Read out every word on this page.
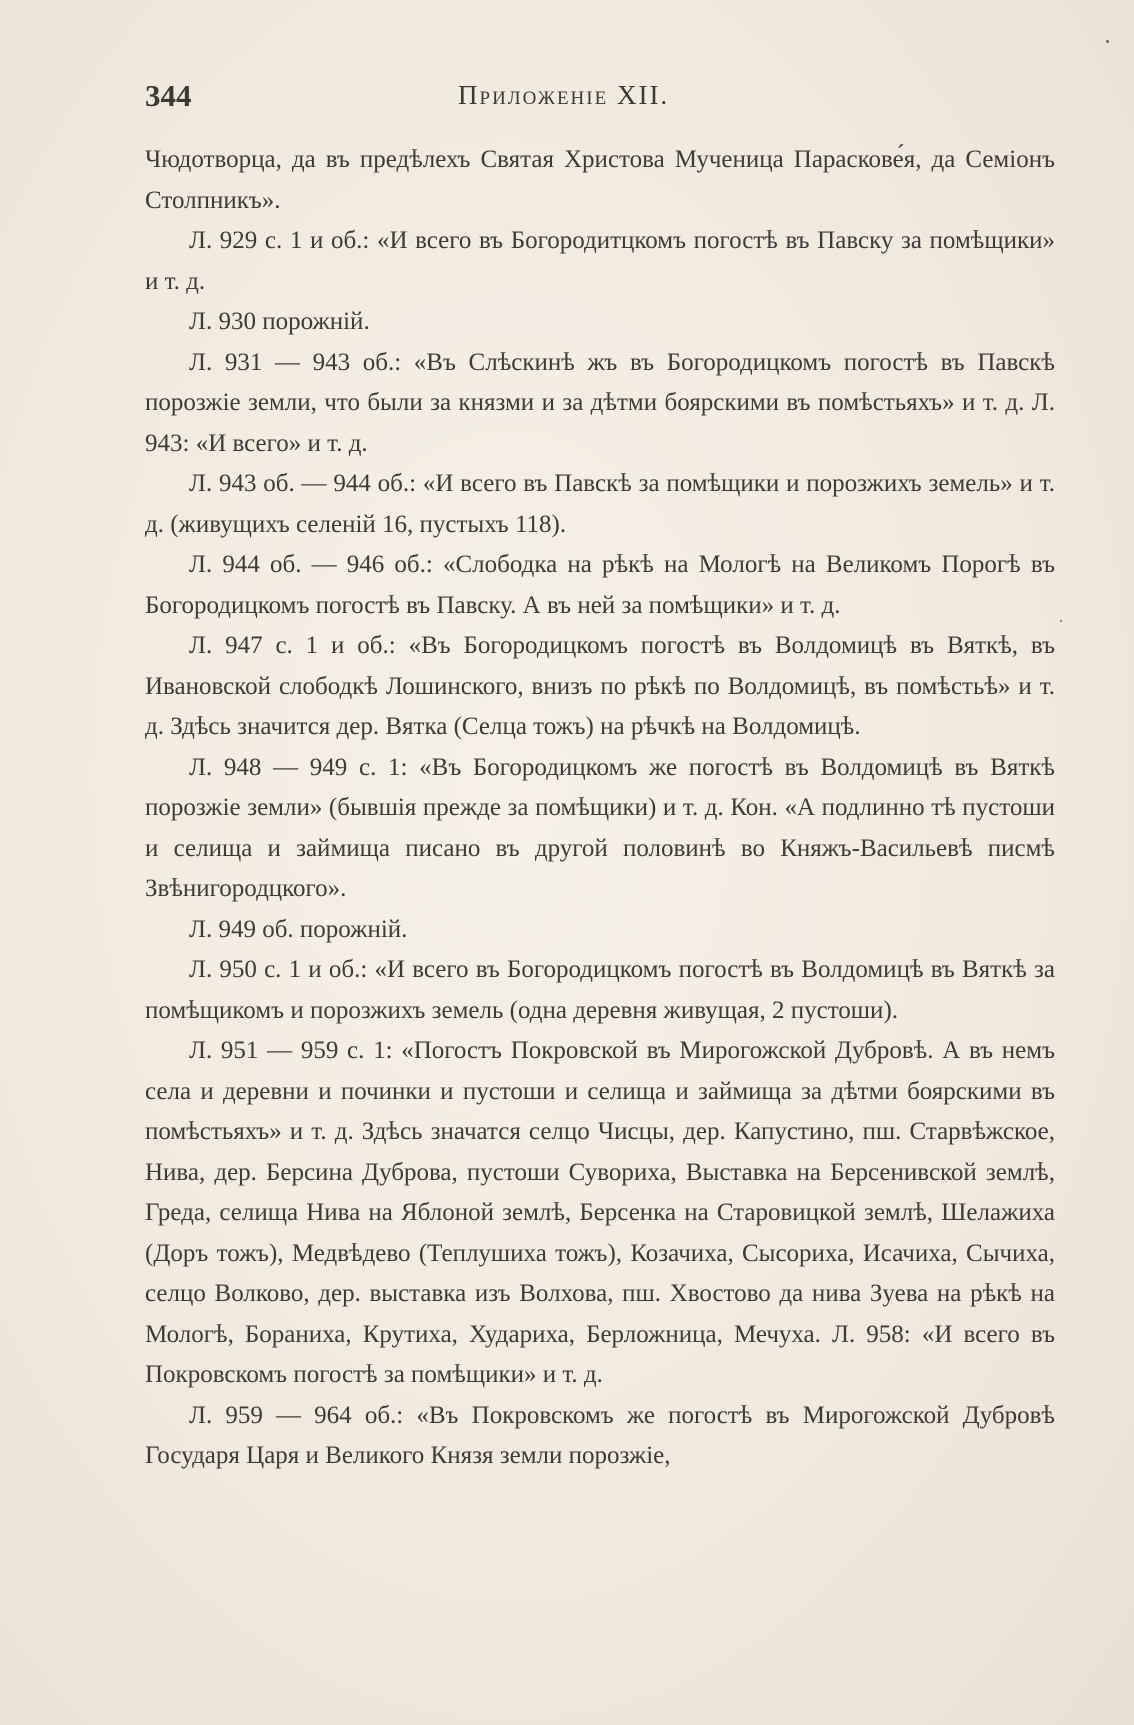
344	Приложеніе XII.

Чюдотворца, да въ предѣлехъ Святая Христова Мученица Параскове́я, да Семіонъ Столпникъ».

Л. 929 с. 1 и об.: «И всего въ Богородитцкомъ погостѣ въ Павску за помѣщики» и т. д.

Л. 930 порожній.

Л. 931 — 943 об.: «Въ Слѣскинѣ жъ въ Богородицкомъ погостѣ въ Павскѣ порозжіе земли, что были за князми и за дѣтми боярскими въ помѣстьяхъ» и т. д. Л. 943: «И всего» и т. д.

Л. 943 об. — 944 об.: «И всего въ Павскѣ за помѣщики и порозжихъ земель» и т. д. (живущихъ селеній 16, пустыхъ 118).

Л. 944 об. — 946 об.: «Слободка на рѣкѣ на Мологѣ на Великомъ Порогѣ въ Богородицкомъ погостѣ въ Павску. А въ ней за помѣщики» и т. д.

Л. 947 с. 1 и об.: «Въ Богородицкомъ погостѣ въ Волдомицѣ въ Вяткѣ, въ Ивановской слободкѣ Лошинского, внизъ по рѣкѣ по Волдомицѣ, въ помѣстьѣ» и т. д. Здѣсь значится дер. Вятка (Селца тожъ) на рѣчкѣ на Волдомицѣ.

Л. 948 — 949 с. 1: «Въ Богородицкомъ же погостѣ въ Волдомицѣ въ Вяткѣ порозжіе земли» (бывшія прежде за помѣщики) и т. д. Кон. «А подлинно тѣ пустоши и селища и займища писано въ другой половинѣ во Княжъ-Васильевѣ писмѣ Звѣнигородцкого».

Л. 949 об. порожній.

Л. 950 с. 1 и об.: «И всего въ Богородицкомъ погостѣ въ Волдомицѣ въ Вяткѣ за помѣщикомъ и порозжихъ земель (одна деревня живущая, 2 пустоши).

Л. 951 — 959 с. 1: «Погостъ Покровской въ Мирогожской Дубровѣ. А въ немъ села и деревни и починки и пустоши и селища и займища за дѣтми боярскими въ помѣстьяхъ» и т. д. Здѣсь значатся селцо Чисцы, дер. Капустино, пш. Старвѣжское, Нива, дер. Берсина Дуброва, пустоши Сувориха, Выставка на Берсенивской землѣ, Греда, селища Нива на Яблоной землѣ, Берсенка на Старовицкой землѣ, Шелажиха (Доръ тожъ), Медвѣдево (Теплушиха тожъ), Козачиха, Сысориха, Исачиха, Сычиха, селцо Волково, дер. выставка изъ Волхова, пш. Хвостово да нива Зуева на рѣкѣ на Мологѣ, Бораниха, Крутиха, Худариха, Берложница, Мечуха. Л. 958: «И всего въ Покровскомъ погостѣ за помѣщики» и т. д.

Л. 959 — 964 об.: «Въ Покровскомъ же погостѣ въ Мирогожской Дубровѣ Государя Царя и Великого Князя земли порозжіе,
